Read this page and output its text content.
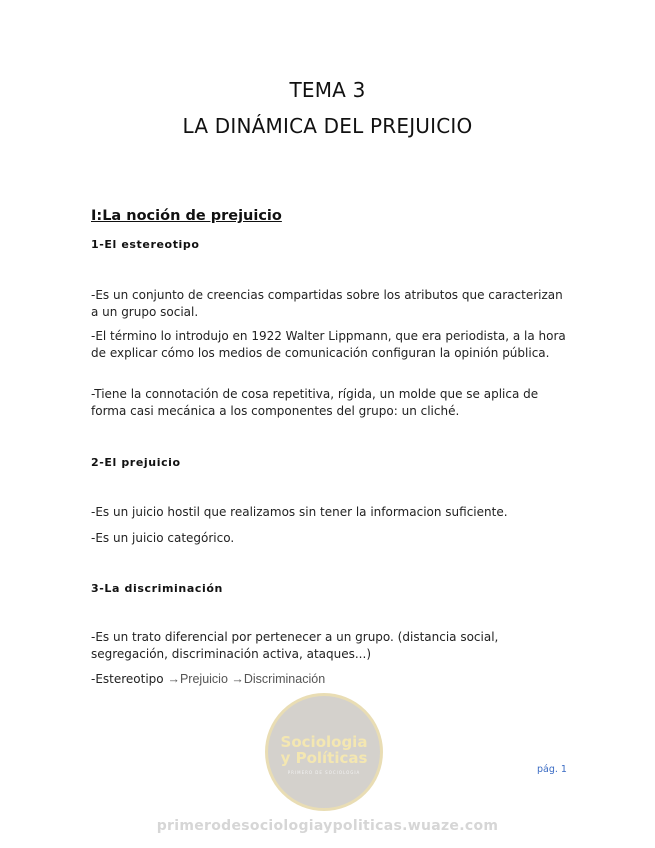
TEMA 3
LA DINÁMICA DEL PREJUICIO
I:La noción de prejuicio
1-El estereotipo
-Es un conjunto de creencias compartidas sobre los atributos que caracterizan a un grupo social.
-El término lo introdujo en 1922 Walter Lippmann, que era periodista, a la hora de explicar cómo los medios de comunicación configuran la opinión pública.
-Tiene la connotación de cosa repetitiva, rígida, un molde que se aplica de forma casi mecánica a los componentes del grupo: un cliché.
2-El prejuicio
-Es un juicio hostil que realizamos sin tener la informacion suficiente.
-Es un juicio categórico.
3-La discriminación
-Es un trato diferencial por pertenecer a un grupo. (distancia social, segregación, discriminación activa, ataques...)
-Estereotipo →Prejuicio →Discriminación
Sociologia
y Políticas
PRIMERO DE SOCIOLOGIA	pág. 1
primerodesociologiaypoliticas.wuaze.com
